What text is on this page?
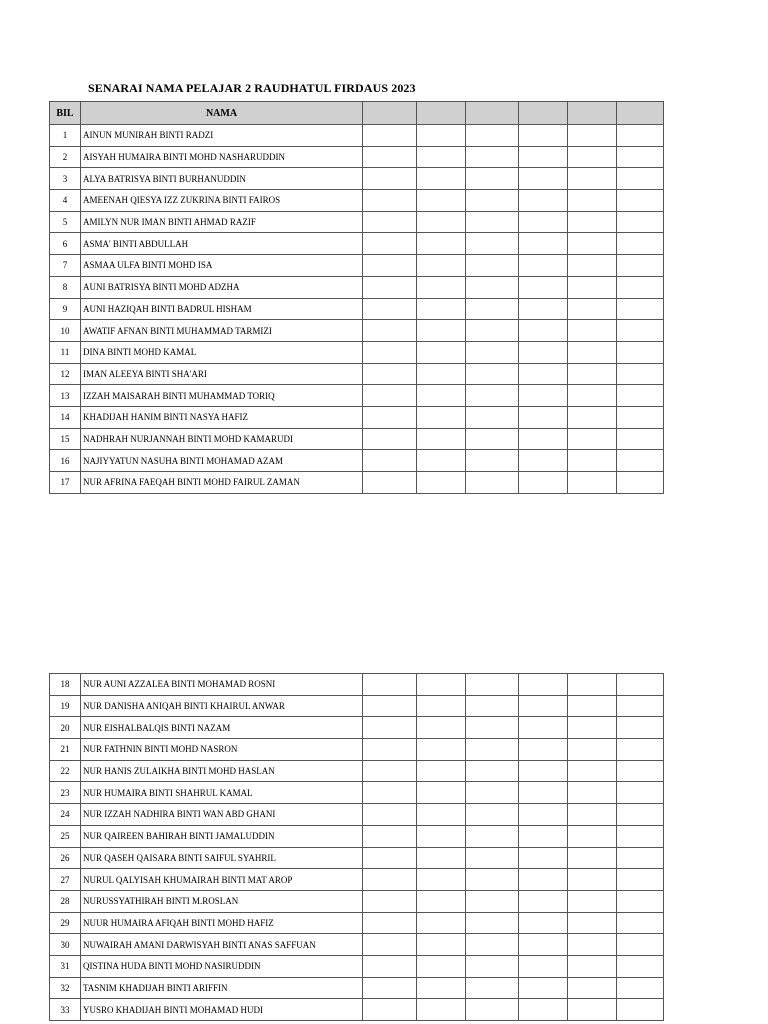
SENARAI NAMA PELAJAR 2 RAUDHATUL FIRDAUS 2023
BIL	NAMA						
1	AINUN MUNIRAH BINTI RADZI						
2	AISYAH HUMAIRA BINTI MOHD NASHARUDDIN						
3	ALYA BATRISYA BINTI BURHANUDDIN						
4	AMEENAH QIESYA IZZ ZUKRINA BINTI FAIROS						
5	AMILYN NUR IMAN BINTI AHMAD RAZIF						
6	ASMA' BINTI ABDULLAH						
7	ASMAA ULFA BINTI MOHD ISA						
8	AUNI BATRISYA BINTI MOHD ADZHA						
9	AUNI HAZIQAH BINTI BADRUL HISHAM						
10	AWATIF AFNAN BINTI MUHAMMAD TARMIZI						
11	DINA BINTI MOHD KAMAL						
12	IMAN ALEEYA BINTI SHA'ARI						
13	IZZAH MAISARAH BINTI MUHAMMAD TORIQ						
14	KHADIJAH HANIM BINTI NASYA HAFIZ						
15	NADHRAH NURJANNAH BINTI MOHD KAMARUDI						
16	NAJIYYATUN NASUHA BINTI MOHAMAD AZAM						
17	NUR AFRINA FAEQAH BINTI MOHD FAIRUL ZAMAN						
18	NUR AUNI AZZALEA BINTI MOHAMAD ROSNI						
19	NUR DANISHA ANIQAH BINTI KHAIRUL ANWAR						
20	NUR EISHALBALQIS BINTI NAZAM						
21	NUR FATHNIN BINTI MOHD NASRON						
22	NUR HANIS ZULAIKHA BINTI MOHD HASLAN						
23	NUR HUMAIRA BINTI SHAHRUL KAMAL						
24	NUR IZZAH NADHIRA BINTI WAN ABD GHANI						
25	NUR QAIREEN BAHIRAH BINTI JAMALUDDIN						
26	NUR QASEH QAISARA BINTI SAIFUL SYAHRIL						
27	NURUL QALYISAH KHUMAIRAH BINTI MAT AROP						
28	NURUSSYATHIRAH BINTI M.ROSLAN						
29	NUUR HUMAIRA AFIQAH BINTI MOHD HAFIZ						
30	NUWAIRAH AMANI DARWISYAH BINTI ANAS SAFFUAN						
31	QISTINA HUDA BINTI MOHD NASIRUDDIN						
32	TASNIM KHADIJAH BINTI ARIFFIN						
33	YUSRO KHADIJAH BINTI MOHAMAD HUDI						
